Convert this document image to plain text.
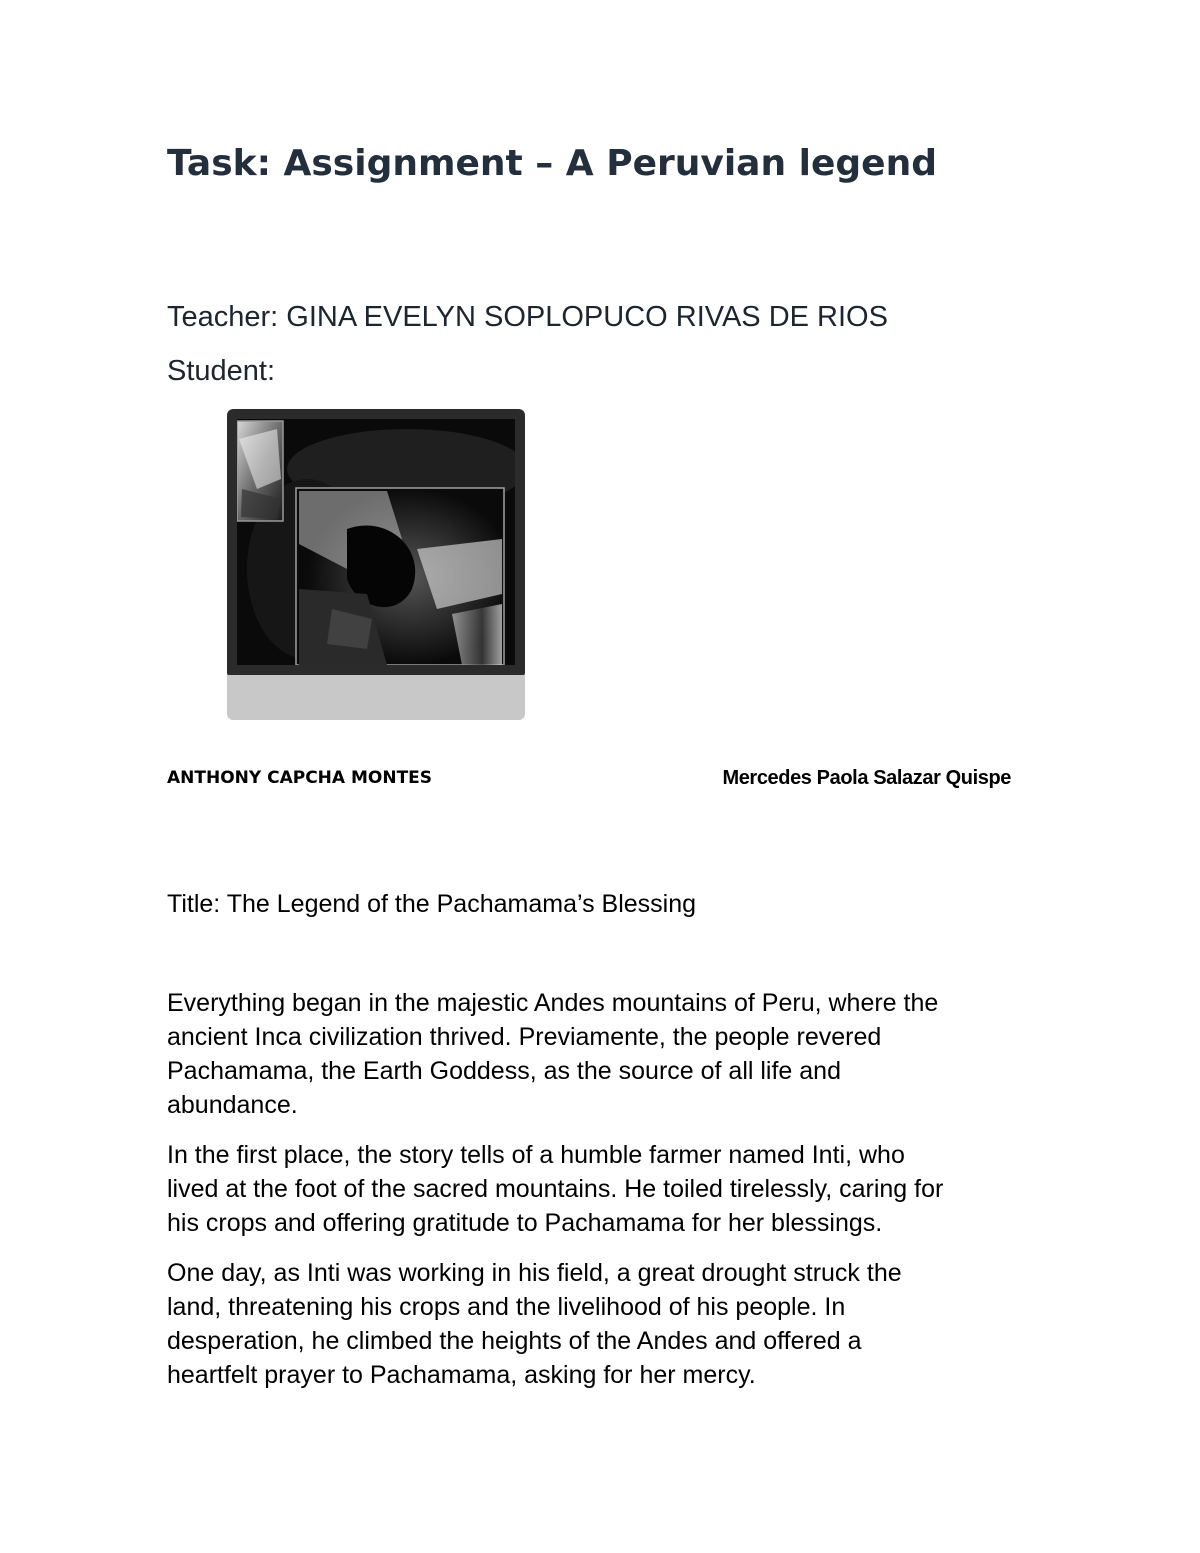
Task: Assignment – A Peruvian legend

Teacher: GINA EVELYN SOPLOPUCO RIVAS DE RIOS

Student:

ANTHONY CAPCHA MONTES	Mercedes Paola Salazar Quispe

Title: The Legend of the Pachamama’s Blessing

Everything began in the majestic Andes mountains of Peru, where the
ancient Inca civilization thrived. Previamente, the people revered
Pachamama, the Earth Goddess, as the source of all life and
abundance.

In the first place, the story tells of a humble farmer named Inti, who
lived at the foot of the sacred mountains. He toiled tirelessly, caring for
his crops and offering gratitude to Pachamama for her blessings.

One day, as Inti was working in his field, a great drought struck the
land, threatening his crops and the livelihood of his people. In
desperation, he climbed the heights of the Andes and offered a
heartfelt prayer to Pachamama, asking for her mercy.
